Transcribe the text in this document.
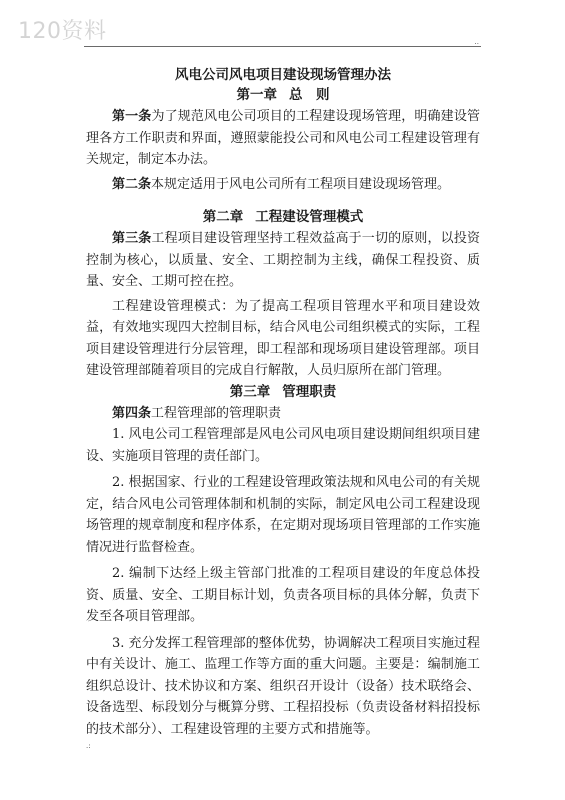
120资料	..
风电公司风电项目建设现场管理办法
第一章 总　则

第一条为了规范风电公司项目的工程建设现场管理，明确建设管理各方工作职责和界面，遵照蒙能投公司和风电公司工程建设管理有关规定，制定本办法。

第二条本规定适用于风电公司所有工程项目建设现场管理。

第二章 工程建设管理模式

第三条工程项目建设管理坚持工程效益高于一切的原则，以投资控制为核心，以质量、安全、工期控制为主线，确保工程投资、质量、安全、工期可控在控。

工程建设管理模式：为了提高工程项目管理水平和项目建设效益，有效地实现四大控制目标，结合风电公司组织模式的实际，工程项目建设管理进行分层管理，即工程部和现场项目建设管理部。项目建设管理部随着项目的完成自行解散，人员归原所在部门管理。

第三章 管理职责

第四条工程管理部的管理职责

1. 风电公司工程管理部是风电公司风电项目建设期间组织项目建设、实施项目管理的责任部门。

2. 根据国家、行业的工程建设管理政策法规和风电公司的有关规定，结合风电公司管理体制和机制的实际，制定风电公司工程建设现场管理的规章制度和程序体系，在定期对现场项目管理部的工作实施情况进行监督检查。

2. 编制下达经上级主管部门批准的工程项目建设的年度总体投资、质量、安全、工期目标计划，负责各项目标的具体分解，负责下发至各项目管理部。

3. 充分发挥工程管理部的整体优势，协调解决工程项目实施过程中有关设计、施工、监理工作等方面的重大问题。主要是：编制施工组织总设计、技术协议和方案、组织召开设计（设备）技术联络会、设备选型、标段划分与概算分劈、工程招投标（负责设备材料招投标的技术部分）、工程建设管理的主要方式和措施等。

.:
